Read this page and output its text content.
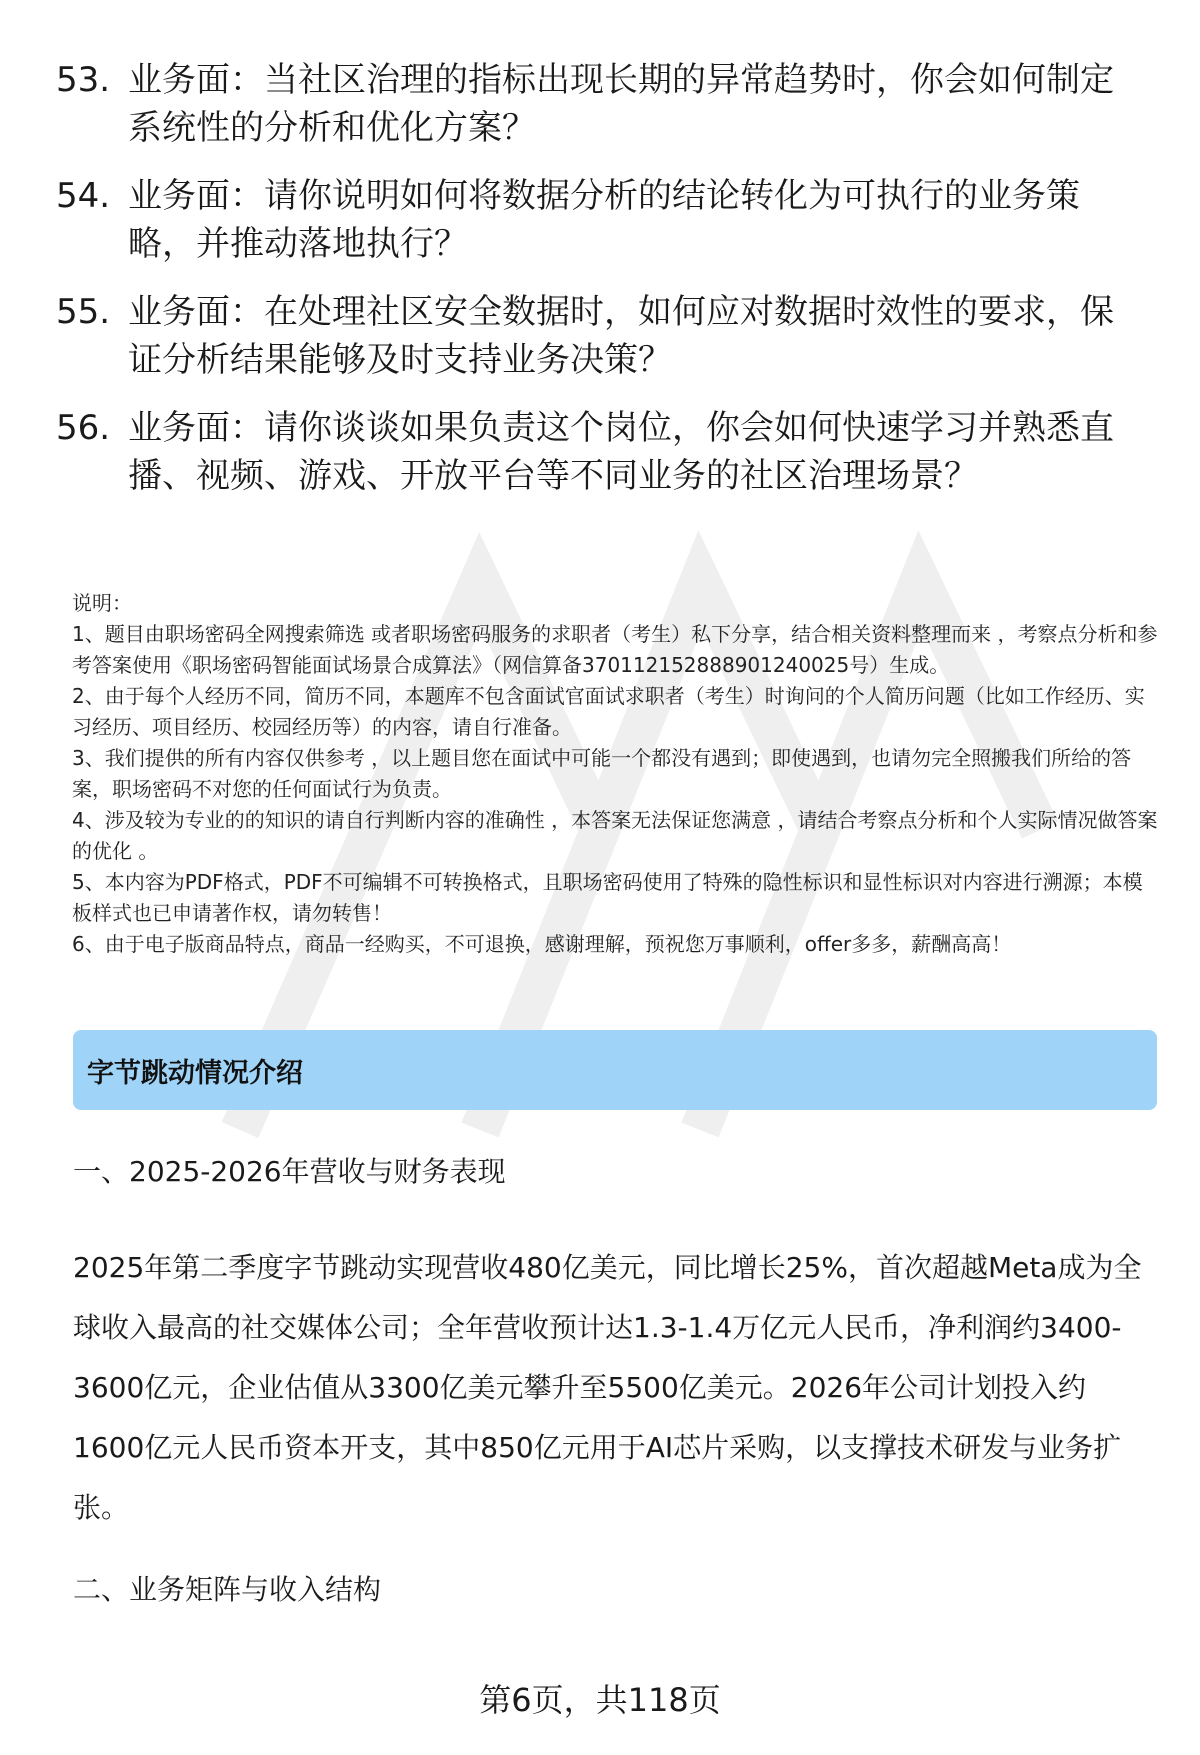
53. 业务面：当社区治理的指标出现长期的异常趋势时，你会如何制定系统性的分析和优化方案？
54. 业务面：请你说明如何将数据分析的结论转化为可执行的业务策略，并推动落地执行？
55. 业务面：在处理社区安全数据时，如何应对数据时效性的要求，保证分析结果能够及时支持业务决策？
56. 业务面：请你谈谈如果负责这个岗位，你会如何快速学习并熟悉直播、视频、游戏、开放平台等不同业务的社区治理场景？

说明：

1、题目由职场密码全网搜索筛选 或者职场密码服务的求职者（考生）私下分享，结合相关资料整理而来 ，考察点分析和参考答案使用《职场密码智能面试场景合成算法》（网信算备370112152888901240025号）生成。

2、由于每个人经历不同，简历不同，本题库不包含面试官面试求职者（考生）时询问的个人简历问题（比如工作经历、实习经历、项目经历、校园经历等）的内容，请自行准备。

3、我们提供的所有内容仅供参考 ，以上题目您在面试中可能一个都没有遇到；即使遇到，也请勿完全照搬我们所给的答案，职场密码不对您的任何面试行为负责。

4、涉及较为专业的的知识的请自行判断内容的准确性 ，本答案无法保证您满意 ，请结合考察点分析和个人实际情况做答案的优化 。

5、本内容为PDF格式，PDF不可编辑不可转换格式，且职场密码使用了特殊的隐性标识和显性标识对内容进行溯源；本模板样式也已申请著作权，请勿转售！

6、由于电子版商品特点，商品一经购买，不可退换，感谢理解，预祝您万事顺利，offer多多，薪酬高高！

字节跳动情况介绍
一、2025-2026年营收与财务表现
2025年第二季度字节跳动实现营收480亿美元，同比增长25%，首次超越Meta成为全球收入最高的社交媒体公司；全年营收预计达1.3-1.4万亿元人民币，净利润约3400-3600亿元，企业估值从3300亿美元攀升至5500亿美元。2026年公司计划投入约1600亿元人民币资本开支，其中850亿元用于AI芯片采购，以支撑技术研发与业务扩张。
二、业务矩阵与收入结构
第6页，共118页
